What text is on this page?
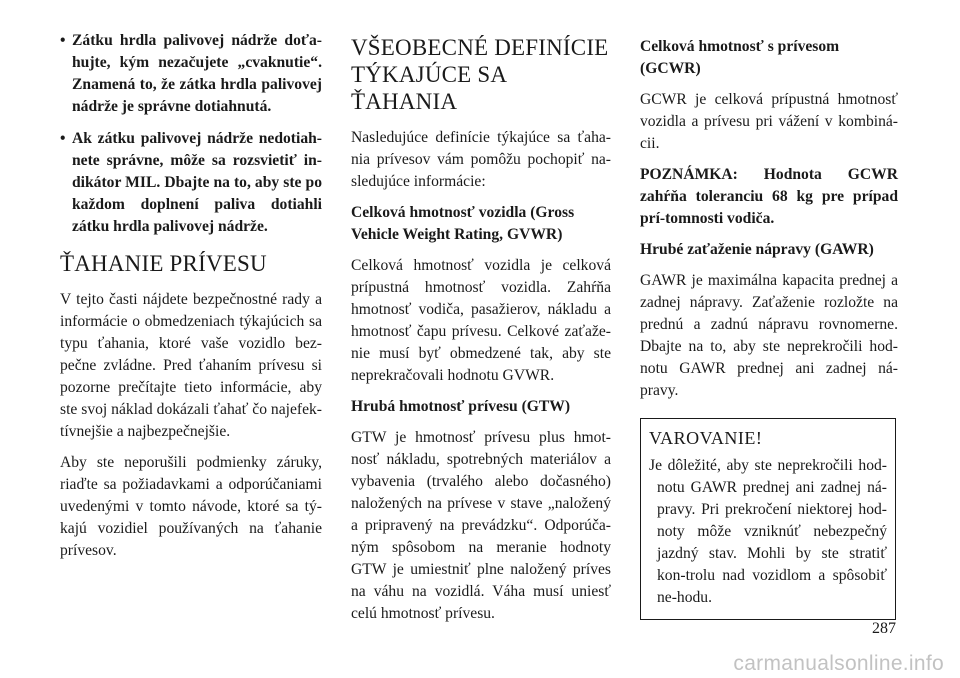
• Zátku hrdla palivovej nádrže doťa-hujte, kým nezačujete „cvaknutie“. Znamená to, že zátka hrdla palivovej nádrže je správne dotiahnutá.
• Ak zátku palivovej nádrže nedotiah-nete správne, môže sa rozsvietiť in-dikátor MIL. Dbajte na to, aby ste po každom doplnení paliva dotiahli zátku hrdla palivovej nádrže.
ŤAHANIE PRÍVESU

V tejto časti nájdete bezpečnostné rady a informácie o obmedzeniach týkajúcich sa typu ťahania, ktoré vaše vozidlo bez-pečne zvládne. Pred ťahaním prívesu si pozorne prečítajte tieto informácie, aby ste svoj náklad dokázali ťahať čo najefek-tívnejšie a najbezpečnejšie.

Aby ste neporušili podmienky záruky, riaďte sa požiadavkami a odporúčaniami uvedenými v tomto návode, ktoré sa tý-kajú vozidiel používaných na ťahanie prívesov.

VŠEOBECNÉ DEFINÍCIE TÝKAJÚCE SA ŤAHANIA

Nasledujúce definície týkajúce sa ťaha-nia prívesov vám pomôžu pochopiť na-sledujúce informácie:

Celková hmotnosť vozidla (Gross Vehicle Weight Rating, GVWR)

Celková hmotnosť vozidla je celková prípustná hmotnosť vozidla. Zahŕňa hmotnosť vodiča, pasažierov, nákladu a hmotnosť čapu prívesu. Celkové zaťaže-nie musí byť obmedzené tak, aby ste neprekračovali hodnotu GVWR.

Hrubá hmotnosť prívesu (GTW)

GTW je hmotnosť prívesu plus hmot-nosť nákladu, spotrebných materiálov a vybavenia (trvalého alebo dočasného) naložených na prívese v stave „naložený a pripravený na prevádzku“. Odporúča-ným spôsobom na meranie hodnoty GTW je umiestniť plne naložený príves na váhu na vozidlá. Váha musí uniesť celú hmotnosť prívesu.

Celková hmotnosť s prívesom (GCWR)

GCWR je celková prípustná hmotnosť vozidla a prívesu pri vážení v kombiná-cii.

POZNÁMKA: Hodnota GCWR zahŕňa toleranciu 68 kg pre prípad prí-tomnosti vodiča.

Hrubé zaťaženie nápravy (GAWR)

GAWR je maximálna kapacita prednej a zadnej nápravy. Zaťaženie rozložte na prednú a zadnú nápravu rovnomerne. Dbajte na to, aby ste neprekročili hod-notu GAWR prednej ani zadnej ná-pravy.

VAROVANIE!

Je dôležité, aby ste neprekročili hod-notu GAWR prednej ani zadnej ná-pravy. Pri prekročení niektorej hod-noty môže vzniknúť nebezpečný jazdný stav. Mohli by ste stratiť kon-trolu nad vozidlom a spôsobiť ne-hodu.

287
carmanualsonline.info
